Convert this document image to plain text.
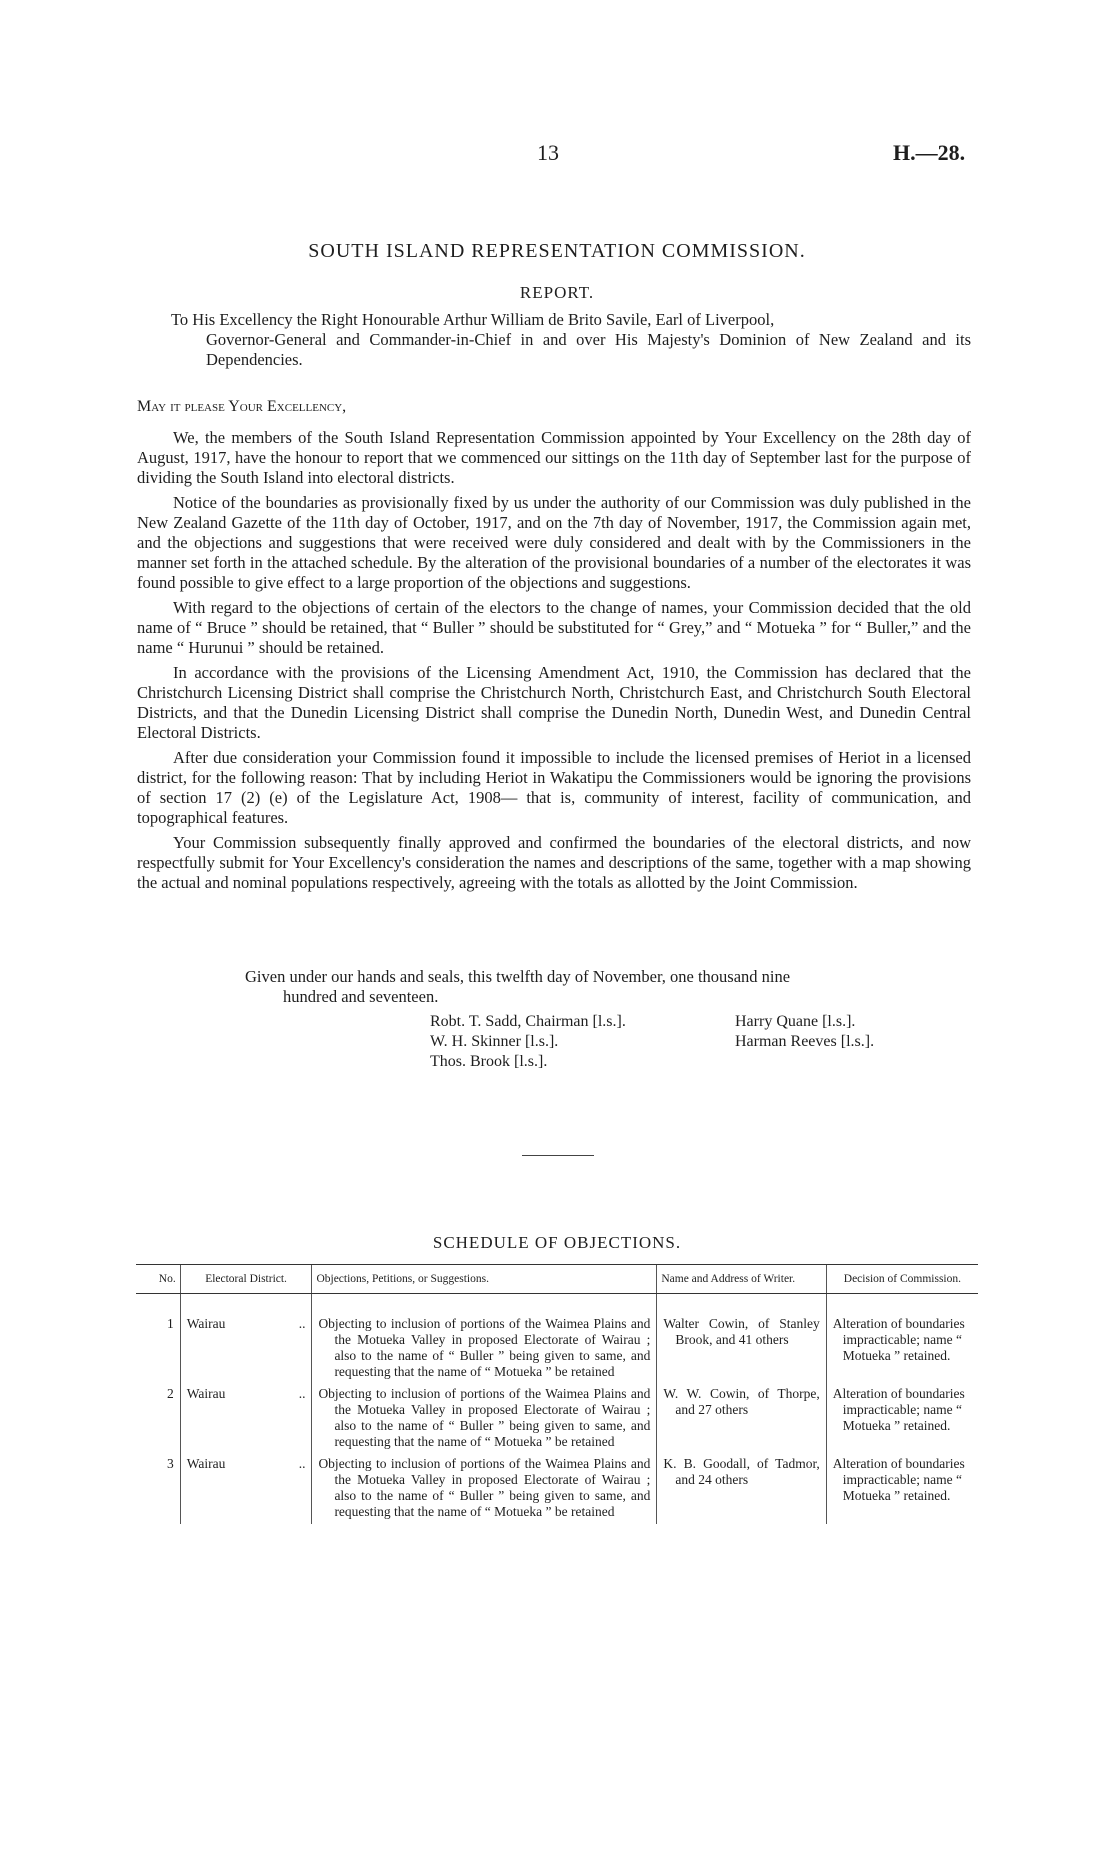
13	H.—28.
SOUTH ISLAND REPRESENTATION COMMISSION.
REPORT.
To His Excellency the Right Honourable Arthur William de Brito Savile, Earl of Liverpool,
Governor-General and Commander-in-Chief in and over His Majesty's Dominion of New Zealand and its Dependencies.
May it please Your Excellency,

We, the members of the South Island Representation Commission appointed by Your Excellency on the 28th day of August, 1917, have the honour to report that we commenced our sittings on the 11th day of September last for the purpose of dividing the South Island into electoral districts.

Notice of the boundaries as provisionally fixed by us under the authority of our Commission was duly published in the New Zealand Gazette of the 11th day of October, 1917, and on the 7th day of November, 1917, the Commission again met, and the objections and suggestions that were received were duly considered and dealt with by the Commissioners in the manner set forth in the attached schedule. By the alteration of the provisional boundaries of a number of the electorates it was found possible to give effect to a large proportion of the objections and suggestions.

With regard to the objections of certain of the electors to the change of names, your Commission decided that the old name of “ Bruce ” should be retained, that “ Buller ” should be substituted for “ Grey,” and “ Motueka ” for “ Buller,” and the name “ Hurunui ” should be retained.

In accordance with the provisions of the Licensing Amendment Act, 1910, the Commission has declared that the Christchurch Licensing District shall comprise the Christchurch North, Christchurch East, and Christchurch South Electoral Districts, and that the Dunedin Licensing District shall comprise the Dunedin North, Dunedin West, and Dunedin Central Electoral Districts.

After due consideration your Commission found it impossible to include the licensed premises of Heriot in a licensed district, for the following reason: That by including Heriot in Wakatipu the Commissioners would be ignoring the provisions of section 17 (2) (e) of the Legislature Act, 1908— that is, community of interest, facility of communication, and topographical features.

Your Commission subsequently finally approved and confirmed the boundaries of the electoral districts, and now respectfully submit for Your Excellency's consideration the names and descriptions of the same, together with a map showing the actual and nominal populations respectively, agreeing with the totals as allotted by the Joint Commission.

Given under our hands and seals, this twelfth day of November, one thousand nine
hundred and seventeen.
Robt. T. Sadd, Chairman [l.s.].
W. H. Skinner [l.s.].
Thos. Brook [l.s.].
Harry Quane [l.s.].
Harman Reeves [l.s.].
SCHEDULE OF OBJECTIONS.
No.	Electoral District.	Objections, Petitions, or Suggestions.	Name and Address of Writer.	Decision of Commission.
1	Wairau ..	Objecting to inclusion of portions of the Waimea Plains and the Motueka Valley in proposed Electorate of Wairau ; also to the name of “ Buller ” being given to same, and requesting that the name of “ Motueka ” be retained	Walter Cowin, of Stanley Brook, and 41 others	Alteration of boundaries impracticable; name “ Motueka ” retained.

2	Wairau ..	Objecting to inclusion of portions of the Waimea Plains and the Motueka Valley in proposed Electorate of Wairau ; also to the name of “ Buller ” being given to same, and requesting that the name of “ Motueka ” be retained	W. W. Cowin, of Thorpe, and 27 others	Alteration of boundaries impracticable; name “ Motueka ” retained.

3	Wairau ..	Objecting to inclusion of portions of the Waimea Plains and the Motueka Valley in proposed Electorate of Wairau ; also to the name of “ Buller ” being given to same, and requesting that the name of “ Motueka ” be retained	K. B. Goodall, of Tadmor, and 24 others	Alteration of boundaries impracticable; name “ Motueka ” retained.
